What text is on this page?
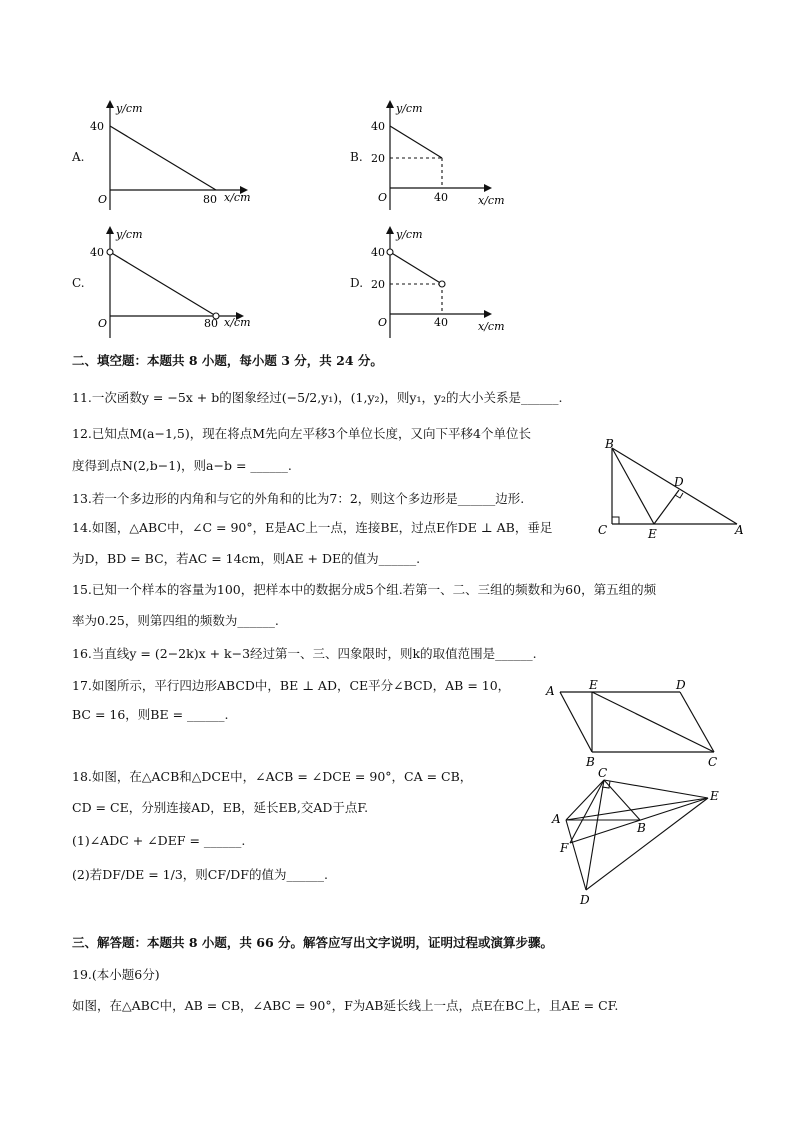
A.
y/cm
40
O	80 x/cm
B.
y/cm
40
20
O	40	x/cm
C.
y/cm
40
O	80 x/cm
D.
y/cm
40
20
O	40	x/cm
二、填空题：本题共 8 小题，每小题 3 分，共 24 分。
11.一次函数y = −5x + b的图象经过(−5/2,y₁)，(1,y₂)，则y₁，y₂的大小关系是______.
12.已知点M(a−1,5)，现在将点M先向左平移3个单位长度，又向下平移4个单位长
度得到点N(2,b−1)，则a−b = ______.
13.若一个多边形的内角和与它的外角和的比为7：2，则这个多边形是______边形.
14.如图，△ABC中，∠C = 90°，E是AC上一点，连接BE，过点E作DE ⊥ AB，垂足
为D，BD = BC，若AC = 14cm，则AE + DE的值为______.
15.已知一个样本的容量为100，把样本中的数据分成5个组.若第一、二、三组的频数和为60，第五组的频
率为0.25，则第四组的频数为______.
16.当直线y = (2−2k)x + k−3经过第一、三、四象限时，则k的取值范围是______.
17.如图所示，平行四边形ABCD中，BE ⊥ AD，CE平分∠BCD，AB = 10，
BC = 16，则BE = ______.
18.如图，在△ACB和△DCE中，∠ACB = ∠DCE = 90°，CA = CB，
CD = CE，分别连接AD，EB，延长EB,交AD于点F.
(1)∠ADC + ∠DEF = ______.
(2)若DF/DE = 1/3，则CF/DF的值为______.
三、解答题：本题共 8 小题，共 66 分。解答应写出文字说明，证明过程或演算步骤。
19.(本小题6分)
如图，在△ABC中，AB = CB，∠ABC = 90°，F为AB延长线上一点，点E在BC上，且AE = CF.
B
C
D
E	A
A	E	D
B	C
C
E
A
B
F
D
